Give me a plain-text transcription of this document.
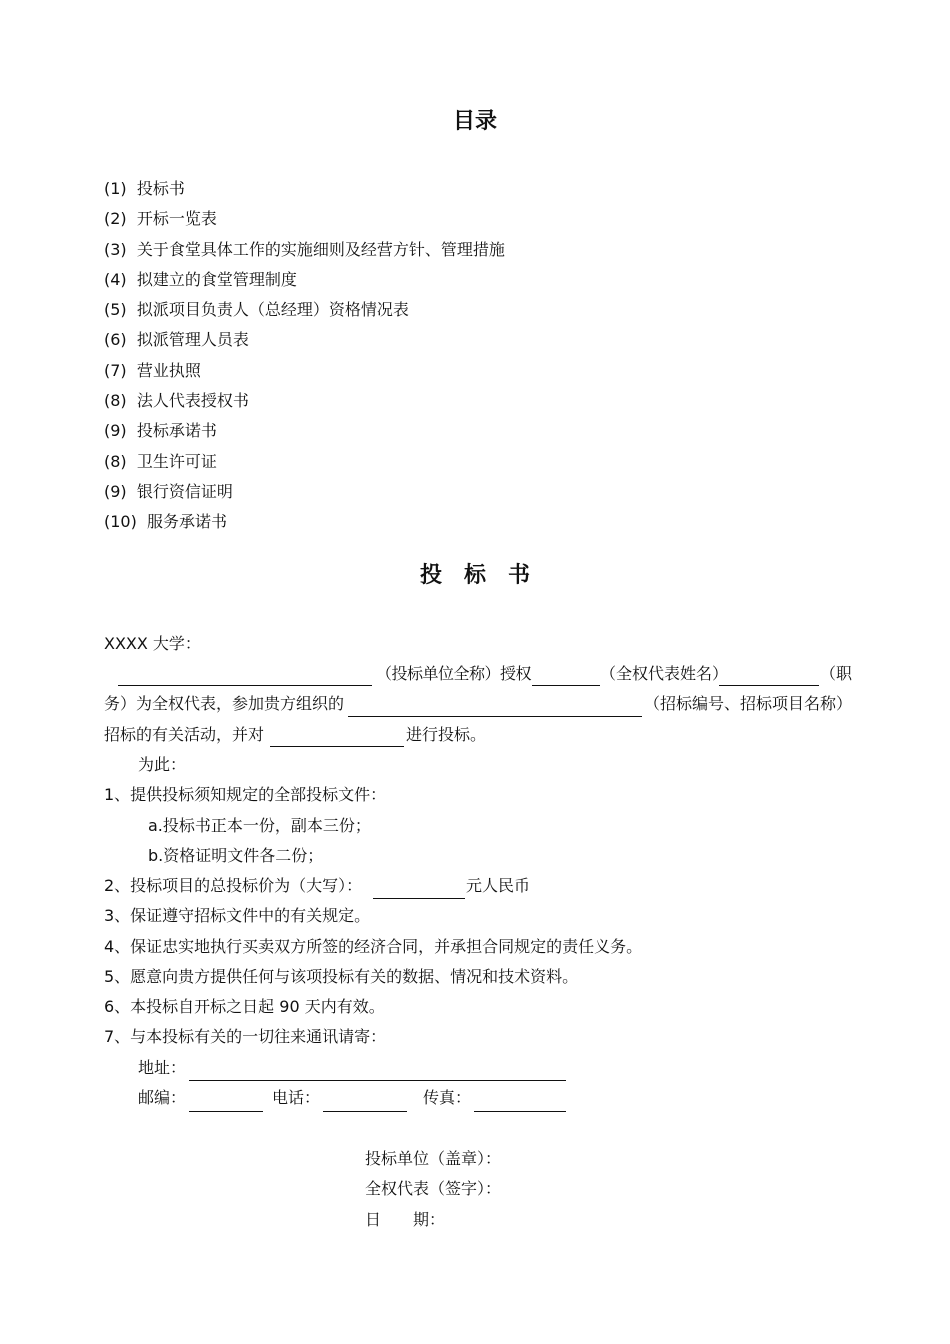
目录
(1) 投标书
(2) 开标一览表
(3) 关于食堂具体工作的实施细则及经营方针、管理措施
(4) 拟建立的食堂管理制度
(5) 拟派项目负责人（总经理）资格情况表
(6) 拟派管理人员表
(7) 营业执照
(8) 法人代表授权书
(9) 投标承诺书
(8) 卫生许可证
(9) 银行资信证明
(10) 服务承诺书
投标书
XXXX 大学：
（投标单位全称）授权	（全权代表姓名）	（职
务）为全权代表，参加贵方组织的	（招标编号、招标项目名称）
招标的有关活动，并对	进行投标。
为此：
1、提供投标须知规定的全部投标文件：
a.投标书正本一份，副本三份；
b.资格证明文件各二份；
2、投标项目的总投标价为（大写）：	元人民币
3、保证遵守招标文件中的有关规定。
4、保证忠实地执行买卖双方所签的经济合同，并承担合同规定的责任义务。
5、愿意向贵方提供任何与该项投标有关的数据、情况和技术资料。
6、本投标自开标之日起 90 天内有效。
7、与本投标有关的一切往来通讯请寄：
地址：
邮编：	电话：	传真：
投标单位（盖章）：
全权代表（签字）：
日　　期：
